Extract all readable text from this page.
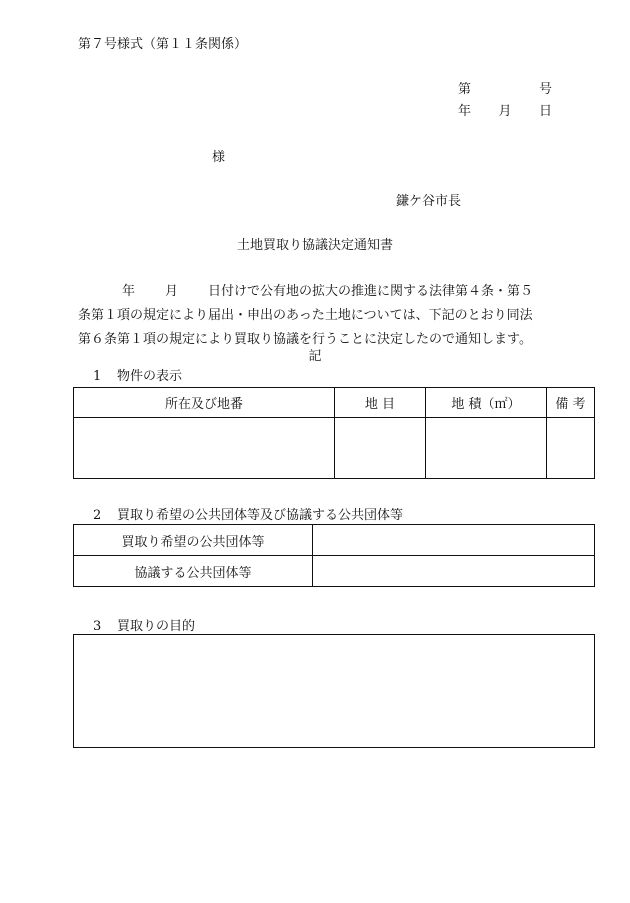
第７号様式（第１１条関係）
第	号
年 月 日
様
鎌ケ谷市長
土地買取り協議決定通知書

年 月 日付けで公有地の拡大の推進に関する法律第４条・第５

条第１項の規定により届出・申出のあった土地については、下記のとおり同法

第６条第１項の規定により買取り協議を行うことに決定したので通知します。

記
1 物件の表示
所在及び地番	地 目	地 積（㎡）	備 考

2 買取り希望の公共団体等及び協議する公共団体等
買取り希望の公共団体等	
協議する公共団体等	
3 買取りの目的
